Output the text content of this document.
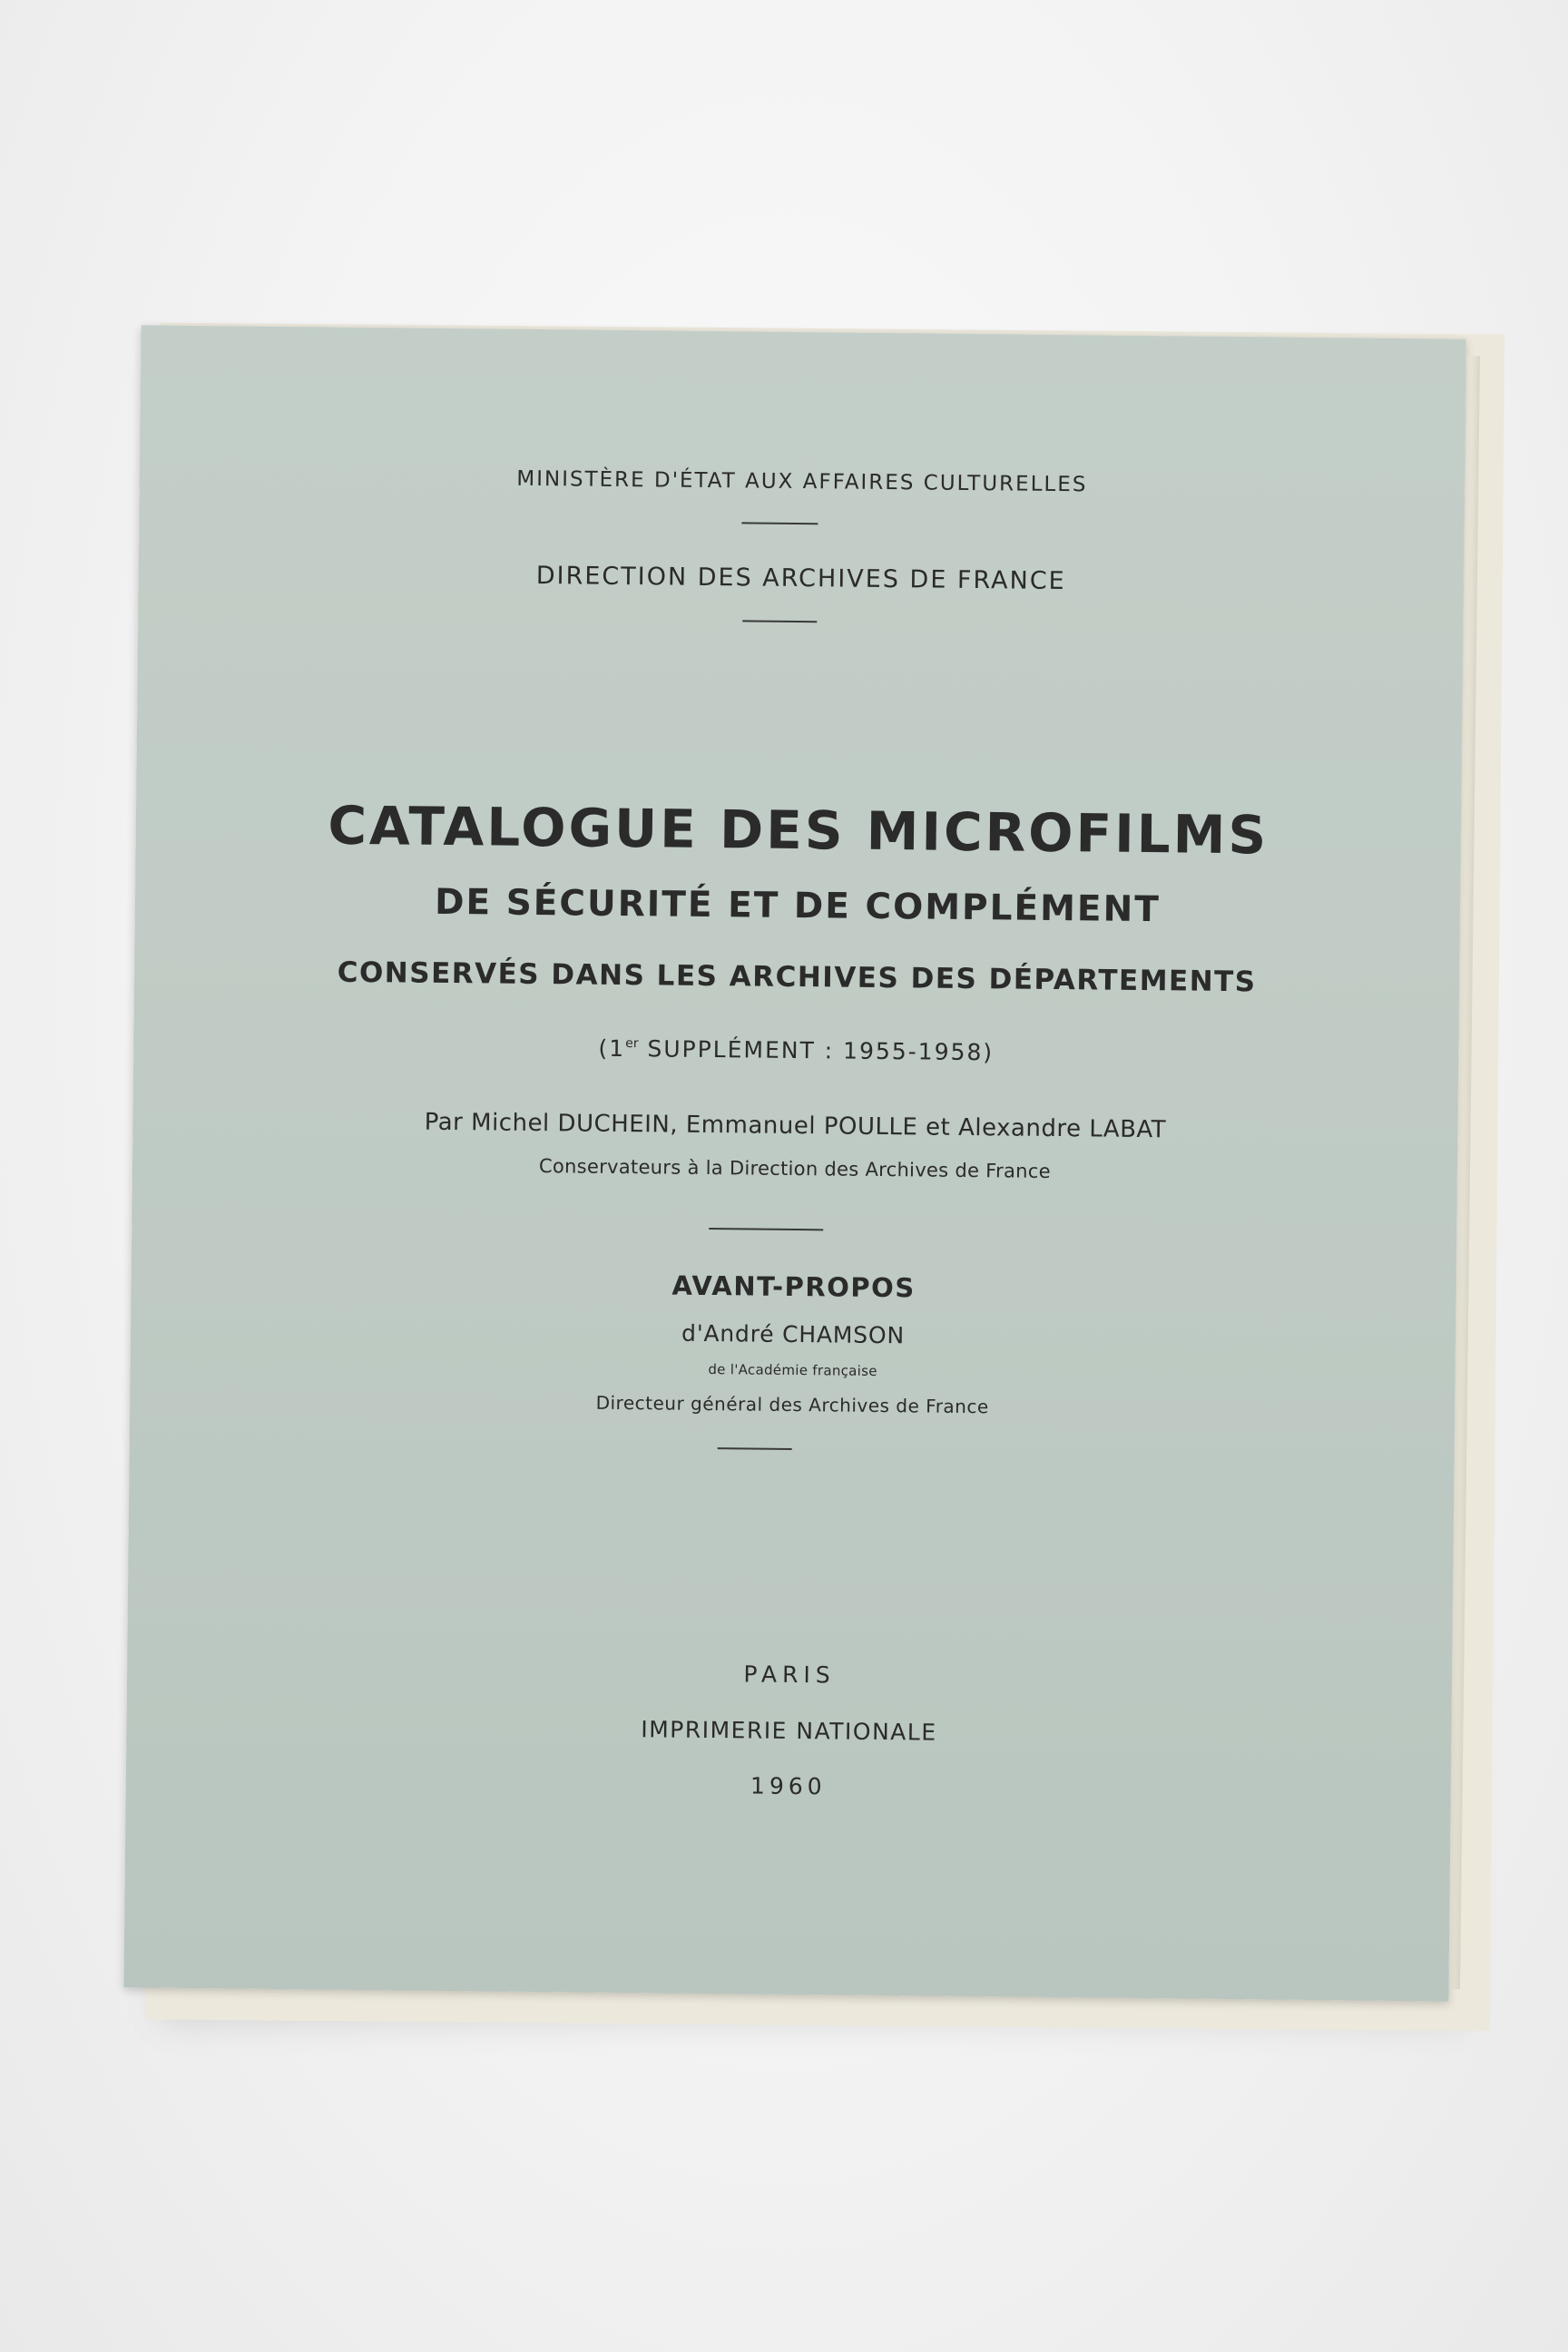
MINISTÈRE D'ÉTAT AUX AFFAIRES CULTURELLES
DIRECTION DES ARCHIVES DE FRANCE
CATALOGUE DES MICROFILMS
DE SÉCURITÉ ET DE COMPLÉMENT
CONSERVÉS DANS LES ARCHIVES DES DÉPARTEMENTS
(1er SUPPLÉMENT : 1955-1958)
Par Michel DUCHEIN, Emmanuel POULLE et Alexandre LABAT
Conservateurs à la Direction des Archives de France
AVANT-PROPOS
d'André CHAMSON
de l'Académie française
Directeur général des Archives de France
PARIS
IMPRIMERIE NATIONALE
1960
